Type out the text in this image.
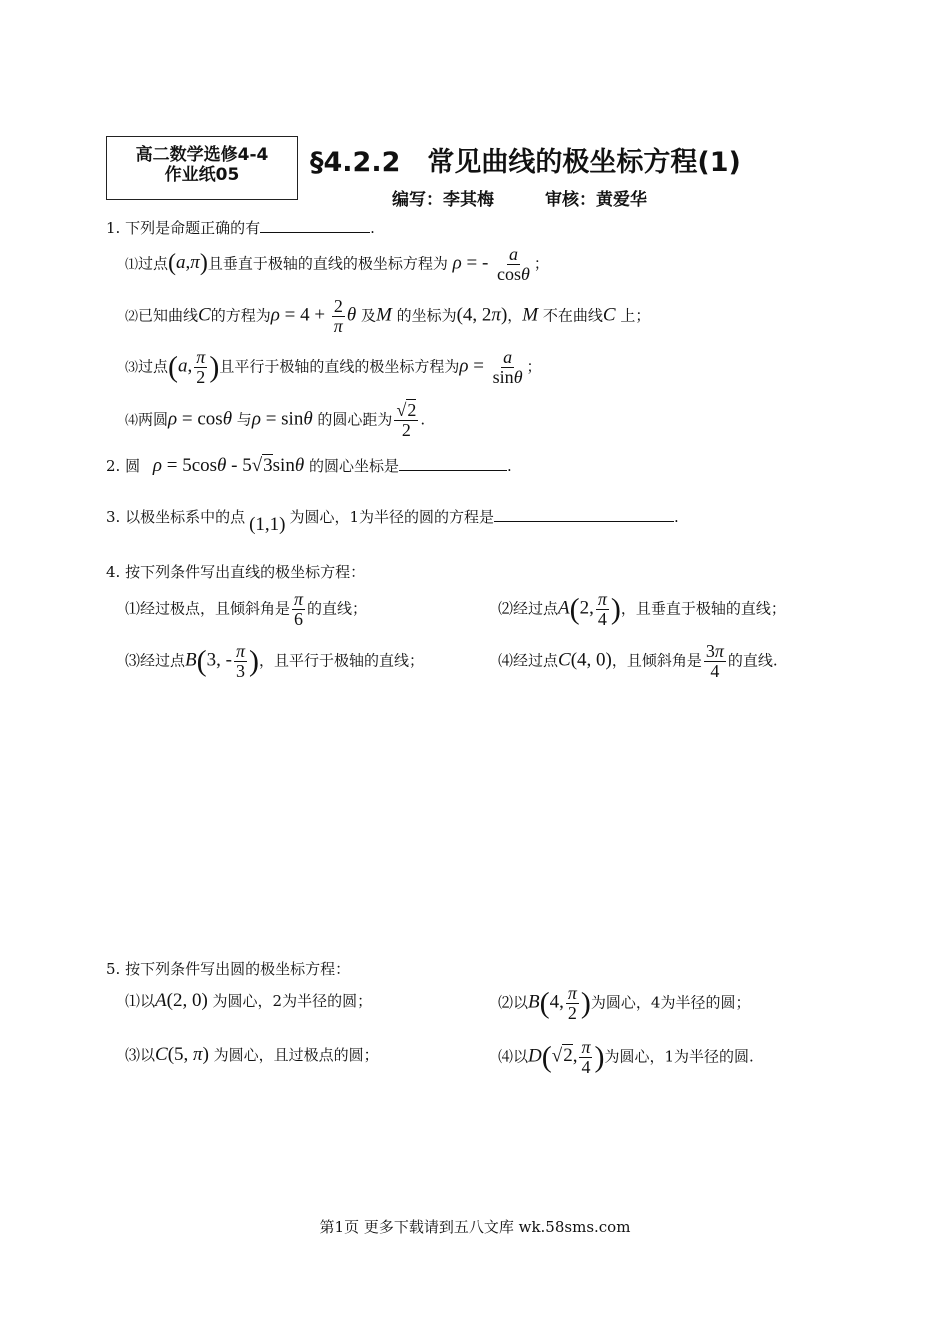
高二数学选修4-4
作业纸05	§4.2.2　常见曲线的极坐标方程(1)
编写：李其梅　　　审核：黄爱华
1. 下列是命题正确的有	.
⑴过点(a,π)且垂直于极轴的直线的极坐标方程为 ρ = - $\frac{a}{\cos\theta}$ ；
⑵已知曲线C的方程为$\rho = 4 + \frac{2}{\pi}$ θ 及M 的坐标为(4, 2π)，M 不在曲线C 上；
⑶过点(a, $\frac{\pi}{2}$ )且平行于极轴的直线的极坐标方程为$\rho = \frac{a}{\sin\theta}$ ；
⑷两圆ρ = cosθ 与ρ = sinθ 的圆心距为 $\frac{√2}{2}$ .
2. 圆 ρ = 5cosθ - 5√3sinθ 的圆心坐标是	.
3. 以极坐标系中的点 (1,1) 为圆心，1为半径的圆的方程是	.
4. 按下列条件写出直线的极坐标方程：
⑴经过极点，且倾斜角是 $\frac{\pi}{6}$ 的直线；	⑵经过点A(2, $\frac{\pi}{4}$ )，且垂直于极轴的直线；
⑶经过点B(3, - $\frac{\pi}{3}$ )，且平行于极轴的直线；	⑷经过点C(4, 0)，且倾斜角是 $\frac{3\pi}{4}$ 的直线.
5. 按下列条件写出圆的极坐标方程：
⑴以A(2, 0) 为圆心，2为半径的圆；	⑵以B(4, $\frac{\pi}{2}$ )为圆心，4为半径的圆；
⑶以C(5, π) 为圆心，且过极点的圆；	⑷以D(√2, $\frac{\pi}{4}$ )为圆心，1为半径的圆.
第1页 更多下载请到五八文库 wk.58sms.com
